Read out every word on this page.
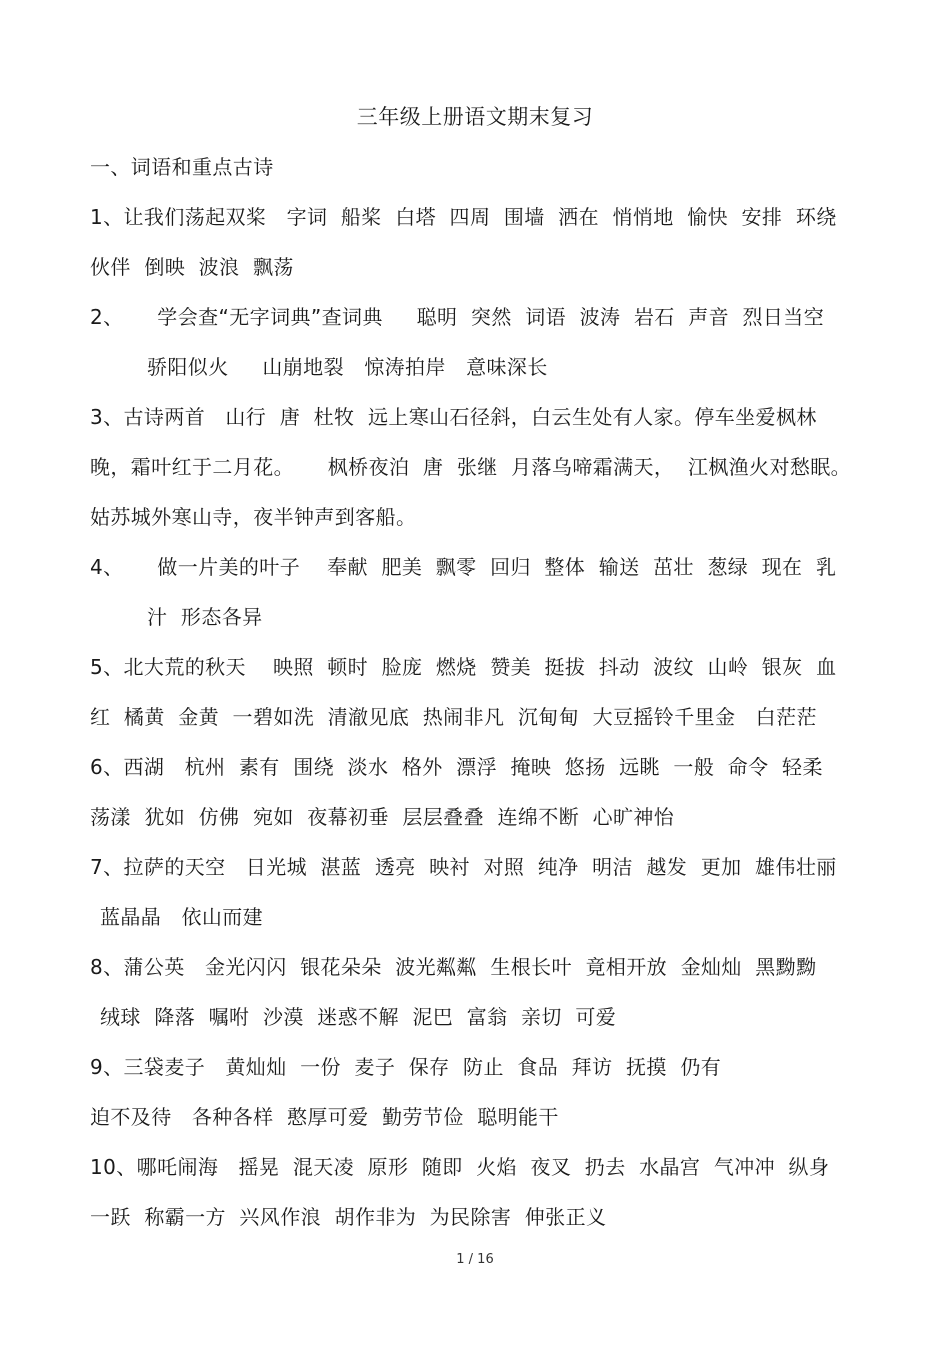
三年级上册语文期末复习
一、词语和重点古诗
1、让我们荡起双桨   字词  船桨  白塔  四周  围墙  洒在  悄悄地  愉快  安排  环绕
伙伴  倒映  波浪  飘荡
2、     学会查“无字词典”查词典     聪明  突然  词语  波涛  岩石  声音  烈日当空
骄阳似火     山崩地裂   惊涛拍岸   意味深长
3、古诗两首   山行  唐  杜牧  远上寒山石径斜，白云生处有人家。停车坐爱枫林
晚，霜叶红于二月花。     枫桥夜泊  唐  张继  月落乌啼霜满天，  江枫渔火对愁眠。
姑苏城外寒山寺，夜半钟声到客船。
4、     做一片美的叶子    奉献  肥美  飘零  回归  整体  输送  茁壮  葱绿  现在  乳
汁  形态各异
5、北大荒的秋天    映照  顿时  脸庞  燃烧  赞美  挺拔  抖动  波纹  山岭  银灰  血
红  橘黄  金黄  一碧如洗  清澈见底  热闹非凡  沉甸甸  大豆摇铃千里金   白茫茫
6、西湖   杭州  素有  围绕  淡水  格外  漂浮  掩映  悠扬  远眺  一般  命令  轻柔
荡漾  犹如  仿佛  宛如  夜幕初垂  层层叠叠  连绵不断  心旷神怡
7、拉萨的天空   日光城  湛蓝  透亮  映衬  对照  纯净  明洁  越发  更加  雄伟壮丽
蓝晶晶   依山而建
8、蒲公英   金光闪闪  银花朵朵  波光粼粼  生根长叶  竟相开放  金灿灿  黑黝黝
绒球  降落  嘱咐  沙漠  迷惑不解  泥巴  富翁  亲切  可爱
9、三袋麦子   黄灿灿  一份  麦子  保存  防止  食品  拜访  抚摸  仍有
迫不及待   各种各样  憨厚可爱  勤劳节俭  聪明能干
10、哪吒闹海   摇晃  混天凌  原形  随即  火焰  夜叉  扔去  水晶宫  气冲冲  纵身
一跃  称霸一方  兴风作浪  胡作非为  为民除害  伸张正义
1 / 16
